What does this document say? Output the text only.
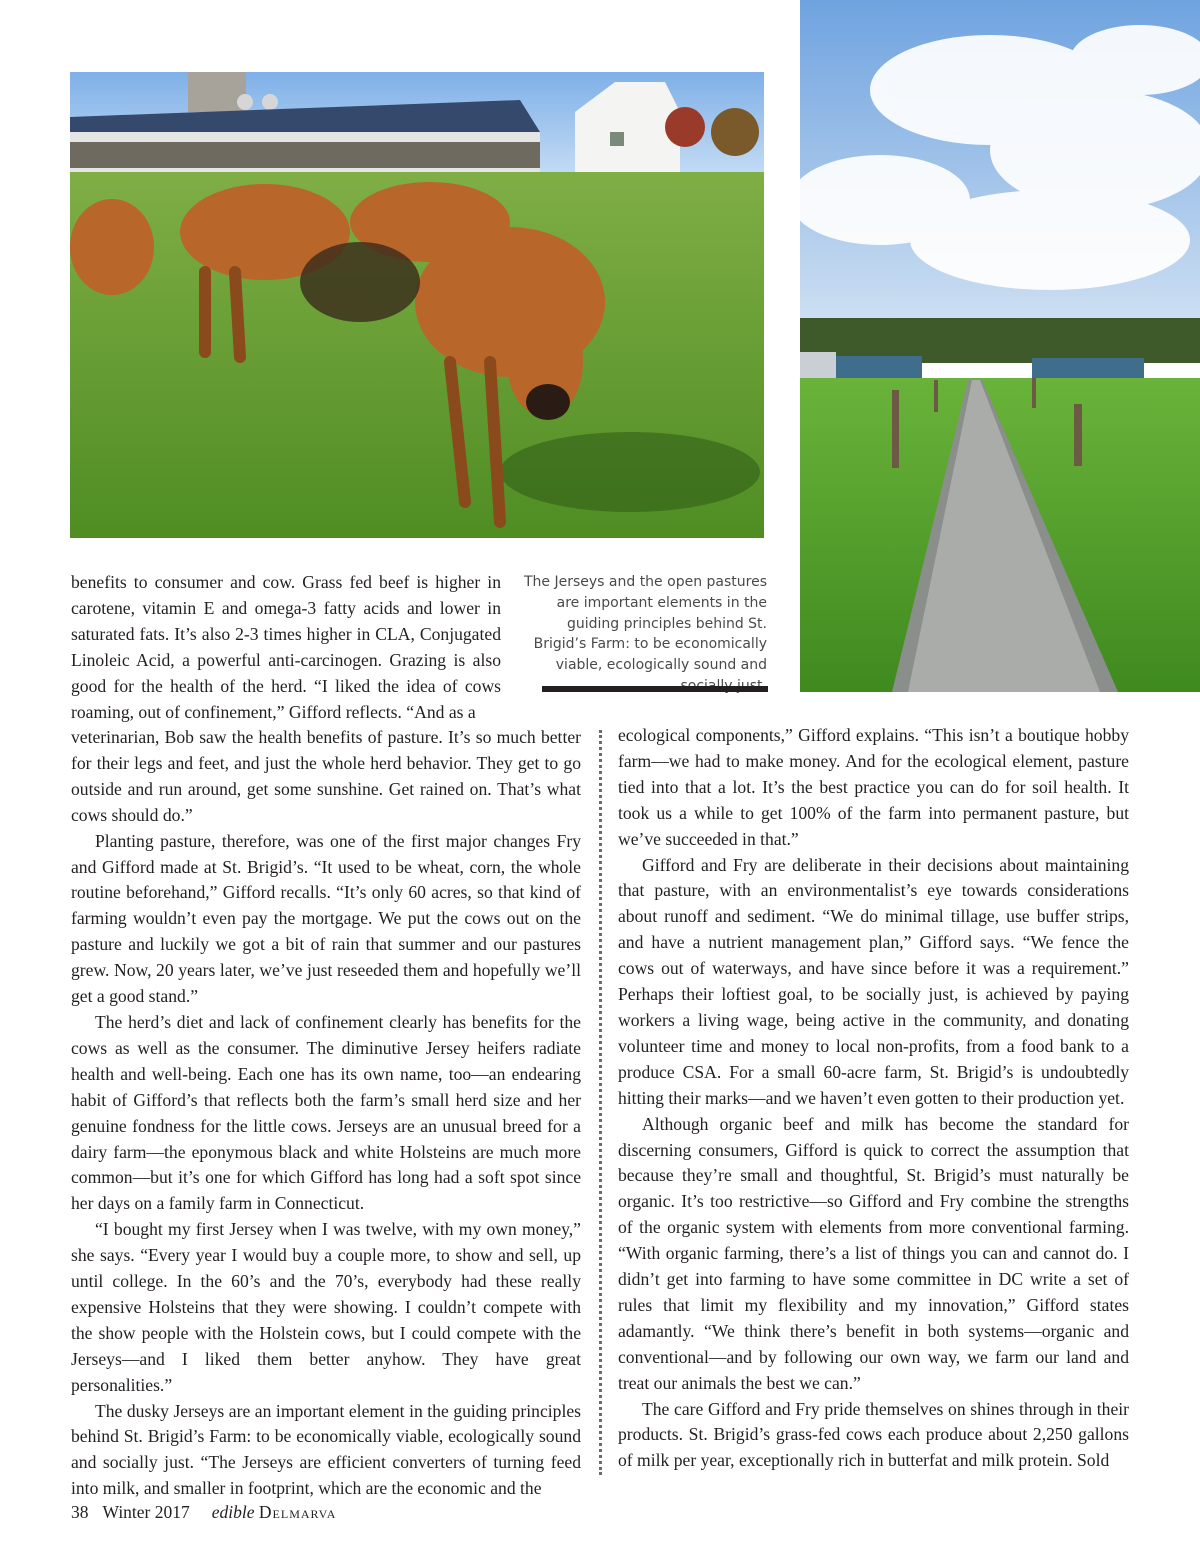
The Jerseys and the open pastures are important elements in the guiding principles behind St. Brigid’s Farm: to be economically viable, ecologically sound and

benefits to consumer and cow. Grass fed beef is higher in carotene, vitamin E and omega-3 fatty acids and lower in saturated fats. It’s also 2-3 times higher in CLA, Conjugated Linoleic Acid, a powerful anti-carcinogen. Grazing is also good for the health of the herd. “I liked the idea of cows roaming, out of confinement,” Gifford reflects. “And as a

veterinarian, Bob saw the health benefits of pasture. It’s so much better for their legs and feet, and just the whole herd behavior. They get to go outside and run around, get some sunshine. Get rained on. That’s what cows should do.”

Planting pasture, therefore, was one of the first major changes Fry and Gifford made at St. Brigid’s. “It used to be wheat, corn, the whole routine beforehand,” Gifford recalls. “It’s only 60 acres, so that kind of farming wouldn’t even pay the mortgage. We put the cows out on the pasture and luckily we got a bit of rain that summer and our pastures grew. Now, 20 years later, we’ve just reseeded them and hopefully we’ll get a good stand.”

The herd’s diet and lack of confinement clearly has benefits for the cows as well as the consumer. The diminutive Jersey heifers radiate health and well-being. Each one has its own name, too—an endearing habit of Gifford’s that reflects both the farm’s small herd size and her genuine fondness for the little cows. Jerseys are an unusual breed for a dairy farm—the eponymous black and white Holsteins are much more common—but it’s one for which Gifford has long had a soft spot since her days on a family farm in Connecticut.

“I bought my first Jersey when I was twelve, with my own money,” she says. “Every year I would buy a couple more, to show and sell, up until college. In the 60’s and the 70’s, everybody had these really expensive Holsteins that they were showing. I couldn’t compete with the show people with the Holstein cows, but I could compete with the Jerseys—and I liked them better anyhow. They have great personalities.”

The dusky Jerseys are an important element in the guiding principles behind St. Brigid’s Farm: to be economically viable, ecologically sound and socially just. “The Jerseys are efficient converters of turning feed into milk, and smaller in footprint, which are the economic and the

ecological components,” Gifford explains. “This isn’t a boutique hobby farm—we had to make money. And for the ecological element, pasture tied into that a lot. It’s the best practice you can do for soil health. It took us a while to get 100% of the farm into permanent pasture, but we’ve succeeded in that.”

Gifford and Fry are deliberate in their decisions about maintaining that pasture, with an environmentalist’s eye towards considerations about runoff and sediment. “We do minimal tillage, use buffer strips, and have a nutrient management plan,” Gifford says. “We fence the cows out of waterways, and have since before it was a requirement.” Perhaps their loftiest goal, to be socially just, is achieved by paying workers a living wage, being active in the community, and donating volunteer time and money to local non-profits, from a food bank to a produce CSA. For a small 60-acre farm, St. Brigid’s is undoubtedly hitting their marks—and we haven’t even gotten to their production yet.

Although organic beef and milk has become the standard for discerning consumers, Gifford is quick to correct the assumption that because they’re small and thoughtful, St. Brigid’s must naturally be organic. It’s too restrictive—so Gifford and Fry combine the strengths of the organic system with elements from more conventional farming. “With organic farming, there’s a list of things you can and cannot do. I didn’t get into farming to have some committee in DC write a set of rules that limit my flexibility and my innovation,” Gifford states adamantly. “We think there’s benefit in both systems—organic and conventional—and by following our own way, we farm our land and treat our animals the best we can.”

The care Gifford and Fry pride themselves on shines through in their products. St. Brigid’s grass-fed cows each produce about 2,250 gallons of milk per year, exceptionally rich in butterfat and milk protein. Sold

38 Winter 2017 edible Delmarva
